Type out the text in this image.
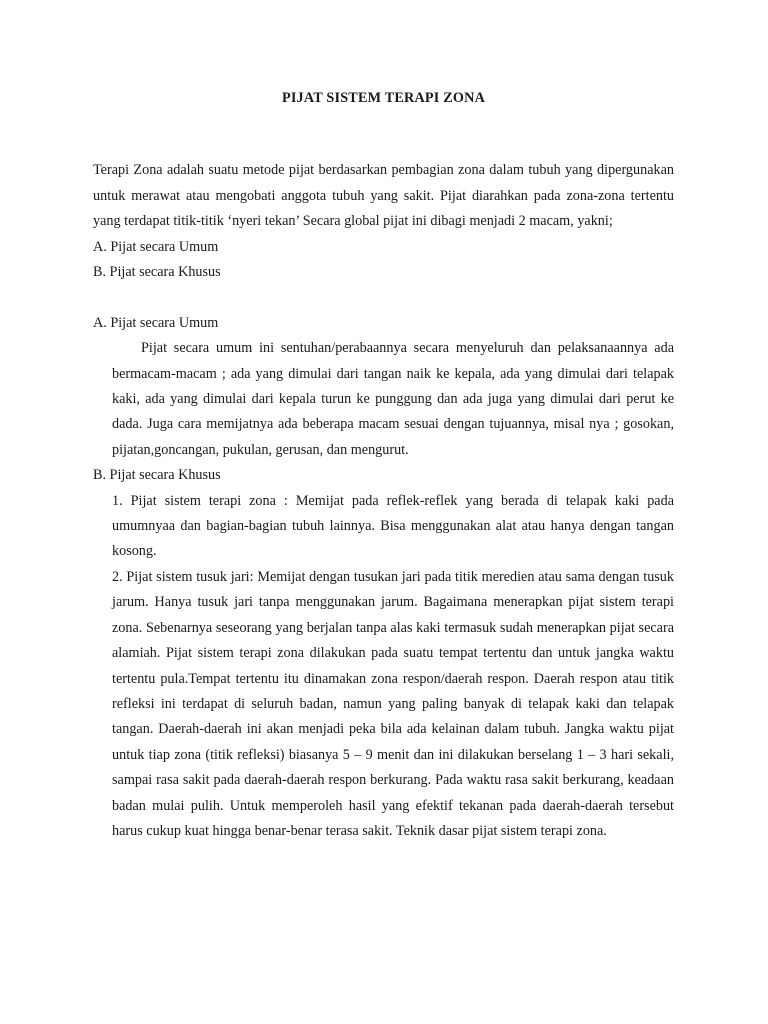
PIJAT SISTEM TERAPI ZONA

Terapi Zona adalah suatu metode pijat berdasarkan pembagian zona dalam tubuh yang dipergunakan untuk merawat atau mengobati anggota tubuh yang sakit. Pijat diarahkan pada zona-zona tertentu yang terdapat titik-titik ‘nyeri tekan’ Secara global pijat ini dibagi menjadi 2 macam, yakni;

A. Pijat secara Umum

B. Pijat secara Khusus

A. Pijat secara Umum

Pijat secara umum ini sentuhan/perabaannya secara menyeluruh dan pelaksanaannya ada bermacam-macam ; ada yang dimulai dari tangan naik ke kepala, ada yang dimulai dari telapak kaki, ada yang dimulai dari kepala turun ke punggung dan ada juga yang dimulai dari perut ke dada. Juga cara memijatnya ada beberapa macam sesuai dengan tujuannya, misal nya ; gosokan, pijatan,goncangan, pukulan, gerusan, dan mengurut.

B. Pijat secara Khusus

1. Pijat sistem terapi zona : Memijat pada reflek-reflek yang berada di telapak kaki pada umumnyaa dan bagian-bagian tubuh lainnya. Bisa menggunakan alat atau hanya dengan tangan kosong.

2. Pijat sistem tusuk jari: Memijat dengan tusukan jari pada titik meredien atau sama dengan tusuk jarum. Hanya tusuk jari tanpa menggunakan jarum. Bagaimana menerapkan pijat sistem terapi zona. Sebenarnya seseorang yang berjalan tanpa alas kaki termasuk sudah menerapkan pijat secara alamiah. Pijat sistem terapi zona dilakukan pada suatu tempat tertentu dan untuk jangka waktu tertentu pula.Tempat tertentu itu dinamakan zona respon/daerah respon. Daerah respon atau titik refleksi ini terdapat di seluruh badan, namun yang paling banyak di telapak kaki dan telapak tangan. Daerah-daerah ini akan menjadi peka bila ada kelainan dalam tubuh. Jangka waktu pijat untuk tiap zona (titik refleksi) biasanya 5 – 9 menit dan ini dilakukan berselang 1 – 3 hari sekali, sampai rasa sakit pada daerah-daerah respon berkurang. Pada waktu rasa sakit berkurang, keadaan badan mulai pulih. Untuk memperoleh hasil yang efektif tekanan pada daerah-daerah tersebut harus cukup kuat hingga benar-benar terasa sakit. Teknik dasar pijat sistem terapi zona.
